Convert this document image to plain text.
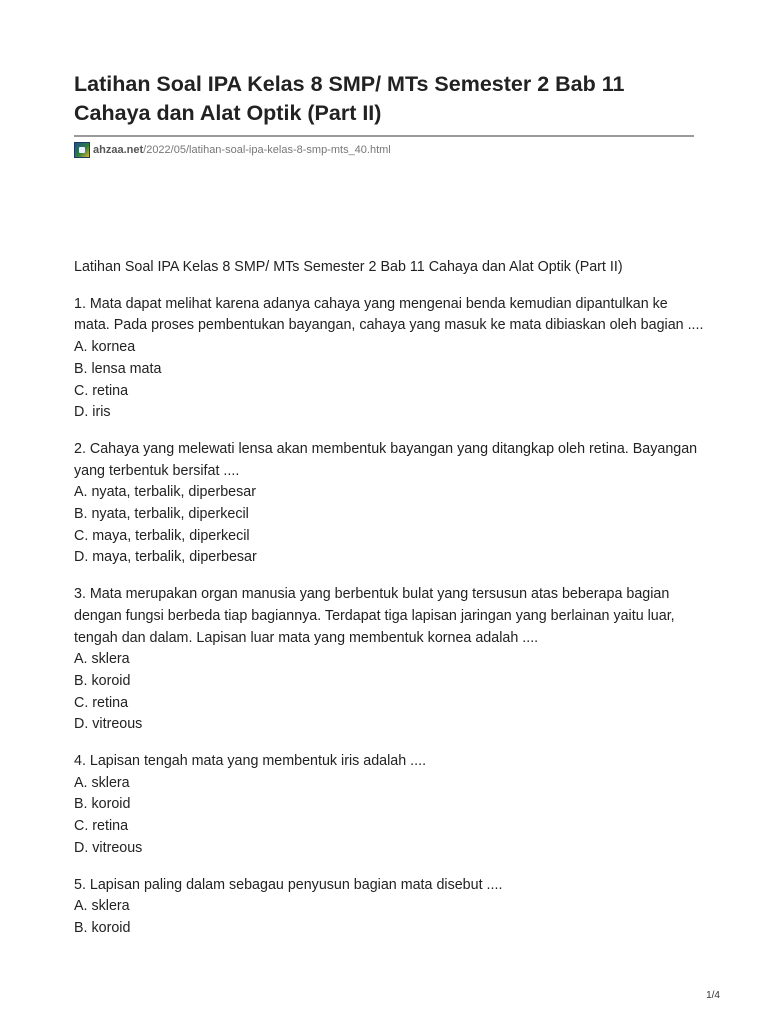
Latihan Soal IPA Kelas 8 SMP/ MTs Semester 2 Bab 11 Cahaya dan Alat Optik (Part II)
ahzaa.net /2022/05/latihan-soal-ipa-kelas-8-smp-mts_40.html

Latihan Soal IPA Kelas 8 SMP/ MTs Semester 2 Bab 11 Cahaya dan Alat Optik (Part II)

1. Mata dapat melihat karena adanya cahaya yang mengenai benda kemudian dipantulkan ke mata. Pada proses pembentukan bayangan, cahaya yang masuk ke mata dibiaskan oleh bagian ....

A. kornea

B. lensa mata

C. retina

D. iris

2. Cahaya yang melewati lensa akan membentuk bayangan yang ditangkap oleh retina. Bayangan yang terbentuk bersifat ....

A. nyata, terbalik, diperbesar

B. nyata, terbalik, diperkecil

C. maya, terbalik, diperkecil

D. maya, terbalik, diperbesar

3. Mata merupakan organ manusia yang berbentuk bulat yang tersusun atas beberapa bagian dengan fungsi berbeda tiap bagiannya. Terdapat tiga lapisan jaringan yang berlainan yaitu luar, tengah dan dalam. Lapisan luar mata yang membentuk kornea adalah ....

A. sklera

B. koroid

C. retina

D. vitreous

4. Lapisan tengah mata yang membentuk iris adalah ....

A. sklera

B. koroid

C. retina

D. vitreous

5. Lapisan paling dalam sebagau penyusun bagian mata disebut ....

A. sklera

B. koroid

1/4
